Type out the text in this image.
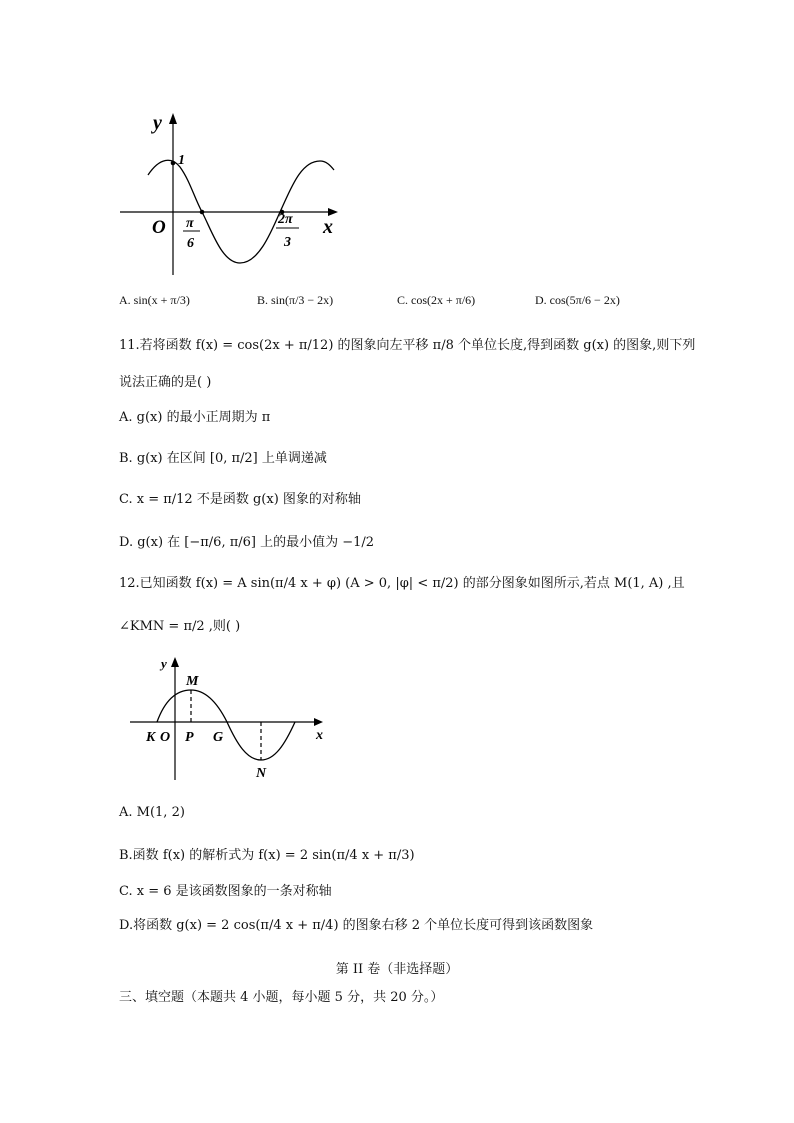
y
x
O
1
π
6
2π
3
A. sin(x + π/3)	B. sin(π/3 − 2x)	C. cos(2x + π/6)	D. cos(5π/6 − 2x)
11.若将函数 f(x) = cos(2x + π/12) 的图象向左平移 π/8 个单位长度,得到函数 g(x) 的图象,则下列
说法正确的是( )
A. g(x) 的最小正周期为 π
B. g(x) 在区间 [0, π/2] 上单调递减
C. x = π/12 不是函数 g(x) 图象的对称轴
D. g(x) 在 [−π/6, π/6] 上的最小值为 −1/2
12.已知函数 f(x) = A sin(π/4 x + φ) (A > 0, |φ| < π/2) 的部分图象如图所示,若点 M(1, A) ,且
∠KMN = π/2 ,则( )
y
x
K O P G
M
N
A. M(1, 2)
B.函数 f(x) 的解析式为 f(x) = 2 sin(π/4 x + π/3)
C. x = 6 是该函数图象的一条对称轴
D.将函数 g(x) = 2 cos(π/4 x + π/4) 的图象右移 2 个单位长度可得到该函数图象
第 II 卷（非选择题）
三、填空题（本题共 4 小题，每小题 5 分，共 20 分。）
